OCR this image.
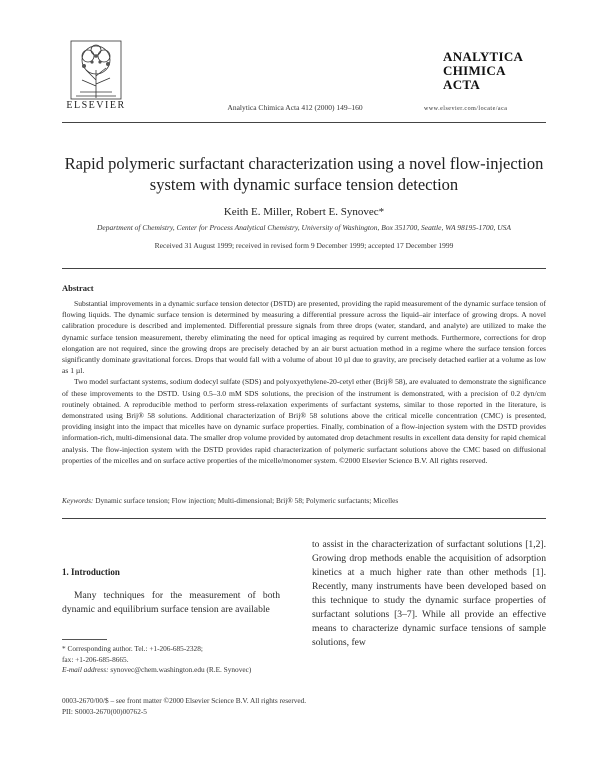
ELSEVIER	Analytica Chimica Acta 412 (2000) 149–160
ANALYTICA
CHIMICA
ACTA
www.elsevier.com/locate/aca
Rapid polymeric surfactant characterization using a novel flow-injection
system with dynamic surface tension detection
Keith E. Miller, Robert E. Synovec*
Department of Chemistry, Center for Process Analytical Chemistry, University of Washington, Box 351700, Seattle, WA 98195-1700, USA
Received 31 August 1999; received in revised form 9 December 1999; accepted 17 December 1999
Abstract

Substantial improvements in a dynamic surface tension detector (DSTD) are presented, providing the rapid measurement of the dynamic surface tension of flowing liquids. The dynamic surface tension is determined by measuring a differential pressure across the liquid–air interface of growing drops. A novel calibration procedure is described and implemented. Differential pressure signals from three drops (water, standard, and analyte) are utilized to make the dynamic surface tension measurement, thereby eliminating the need for optical imaging as required by current methods. Furthermore, corrections for drop elongation are not required, since the growing drops are precisely detached by an air burst actuation method in a regime where the surface tension forces significantly dominate gravitational forces. Drops that would fall with a volume of about 10 µl due to gravity, are precisely detached earlier at a volume as low as 1 µl.

Two model surfactant systems, sodium dodecyl sulfate (SDS) and polyoxyethylene-20-cetyl ether (Brij® 58), are evaluated to demonstrate the significance of these improvements to the DSTD. Using 0.5–3.0 mM SDS solutions, the precision of the instrument is demonstrated, with a precision of 0.2 dyn/cm routinely obtained. A reproducible method to perform stress-relaxation experiments of surfactant systems, similar to those reported in the literature, is demonstrated using Brij® 58 solutions. Additional characterization of Brij® 58 solutions above the critical micelle concentration (CMC) is presented, providing insight into the impact that micelles have on dynamic surface properties. Finally, combination of a flow-injection system with the DSTD provides information-rich, multi-dimensional data. The smaller drop volume provided by automated drop detachment results in excellent data density for rapid chemical analysis. The flow-injection system with the DSTD provides rapid characterization of polymeric surfactant solutions above the CMC based on diffusional properties of the micelles and on surface active properties of the micelle/monomer system. ©2000 Elsevier Science B.V. All rights reserved.

Keywords: Dynamic surface tension; Flow injection; Multi-dimensional; Brij® 58; Polymeric surfactants; Micelles
1. Introduction

Many techniques for the measurement of both dynamic and equilibrium surface tension are available

to assist in the characterization of surfactant solutions [1,2]. Growing drop methods enable the acquisition of adsorption kinetics at a much higher rate than other methods [1]. Recently, many instruments have been developed based on this technique to study the dynamic surface properties of surfactant solutions [3–7]. While all provide an effective means to characterize dynamic surface tensions of sample solutions, few

* Corresponding author. Tel.: +1-206-685-2328;
fax: +1-206-685-8665.
E-mail address: synovec@chem.washington.edu (R.E. Synovec)
0003-2670/00/$ – see front matter ©2000 Elsevier Science B.V. All rights reserved.
PII: S0003-2670(00)00762-5
